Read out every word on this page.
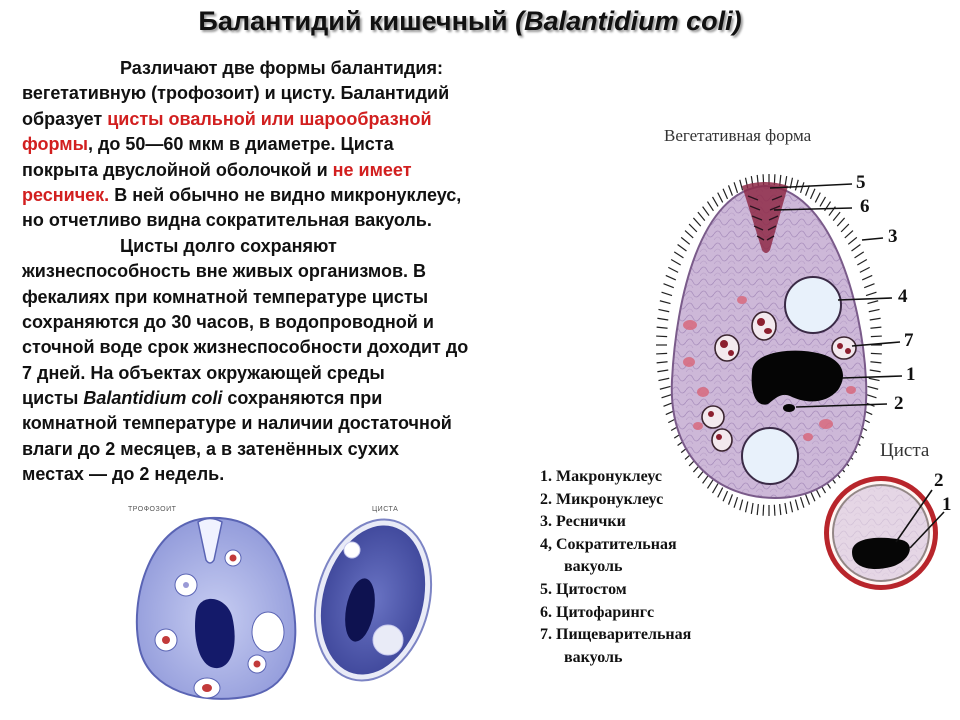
Балантидий кишечный (Balantidium coli)
Различают две формы балантидия:
вегетативную (трофозоит) и цисту. Балантидий
образует цисты овальной или шарообразной
формы, до 50—60 мкм в диаметре. Циста
покрыта двуслойной оболочкой и не имеет
ресничек. В ней обычно не видно микронуклеус,
но отчетливо видна сократительная вакуоль.
Цисты долго сохраняют
жизнеспособность вне живых организмов. В
фекалиях при комнатной температуре цисты
сохраняются до 30 часов, в водопроводной и
сточной воде срок жизнеспособности доходит до
7 дней. На объектах окружающей среды
цисты Balantidium coli сохраняются при
комнатной температуре и наличии достаточной
влаги до 2 месяцев, а в затенённых сухих
местах — до 2 недель.
Вегетативная форма
Циста
ТРОФОЗОИТ	ЦИСТА
5
6
3
4
7
1
2
2
1
1. Макронуклеус
2. Микронуклеус
3. Реснички
4, Сократительная
вакуоль
5. Цитостом
6. Цитофарингс
7. Пищеварительная
вакуоль
